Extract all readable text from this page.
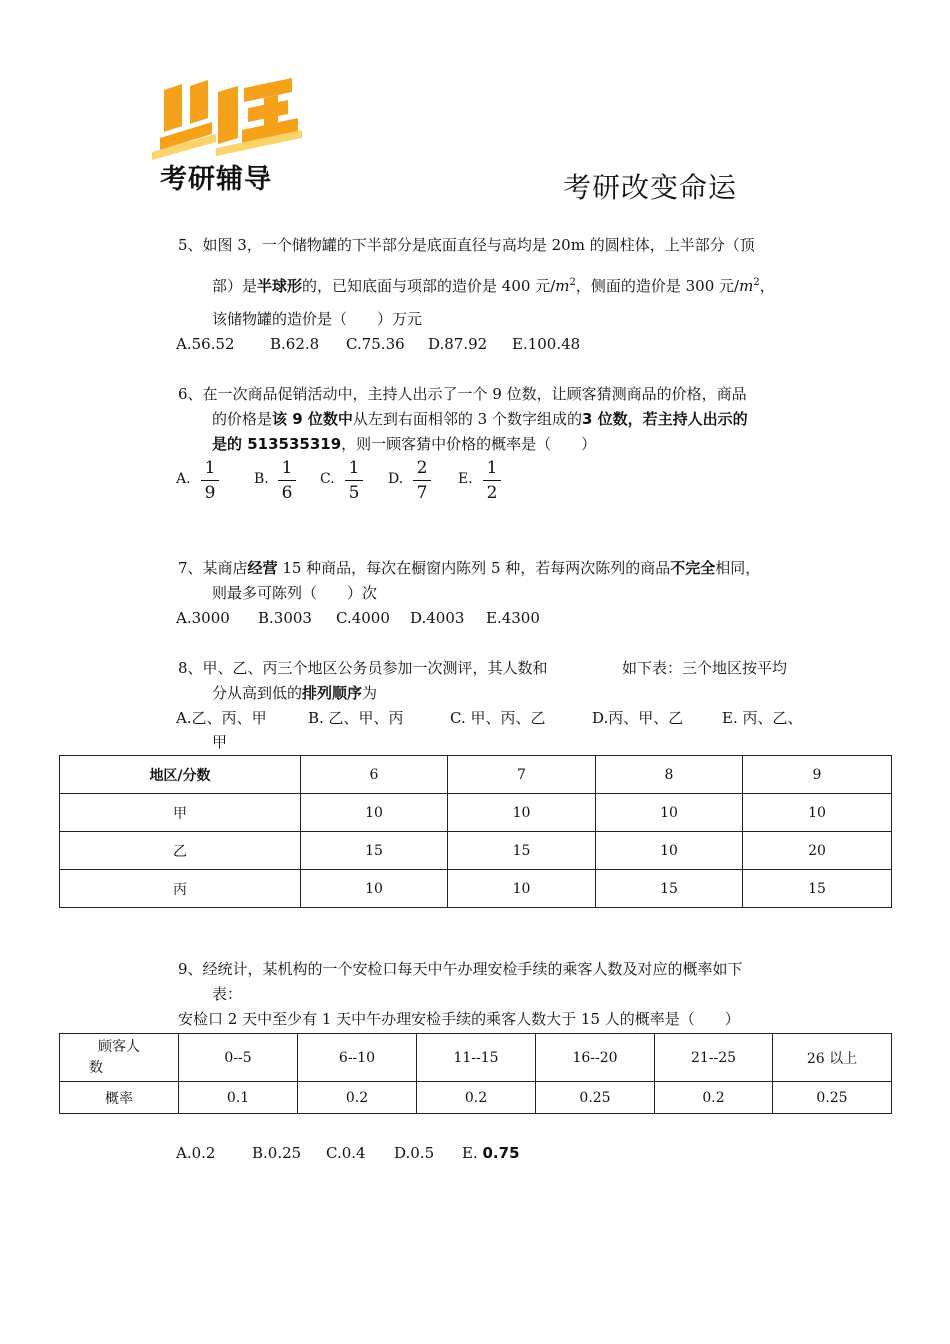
考研辅导	考研改变命运
5、如图 3，一个储物罐的下半部分是底面直径与高均是 20m 的圆柱体，上半部分（顶
部）是半球形的，已知底面与项部的造价是 400 元$/m^2$，侧面的造价是 300 元$/m^2$，
该储物罐的造价是（　　）万元
A.56.52 B.62.8 C.75.36 D.87.92 E.100.48
6、在一次商品促销活动中，主持人出示了一个 9 位数，让顾客猜测商品的价格，商品
的价格是该 9 位数中从左到右面相邻的 3 个数字组成的3 位数，若主持人出示的
是的 513535319，则一顾客猜中价格的概率是（　　）
A.
1
9
B.
1
6
C.
1
5
D.
2
7
E.
1
2
7、某商店经营 15 种商品，每次在橱窗内陈列 5 种，若每两次陈列的商品不完全相同，
则最多可陈列（　　）次
A.3000 B.3003 C.4000 D.4003 E.4300
8、甲、乙、丙三个地区公务员参加一次测评，其人数和	如下表：三个地区按平均
分从高到低的排列顺序为
A.乙、丙、甲	B. 乙、甲、丙	C. 甲、丙、乙	D.丙、甲、乙	E. 丙、乙、
甲
地区/分数	6	7	8	9
甲	10	10	10	10
乙	15	15	10	20
丙	10	10	15	15
9、经统计，某机构的一个安检口每天中午办理安检手续的乘客人数及对应的概率如下
表：
安检口 2 天中至少有 1 天中午办理安检手续的乘客人数大于 15 人的概率是（　　）
顾客人
数	0--5	6--10	11--15	16--20	21--25	26 以上
概率	0.1	0.2	0.2	0.25	0.2	0.25
A.0.2 B.0.25 C.0.4 D.0.5 E. 0.75
